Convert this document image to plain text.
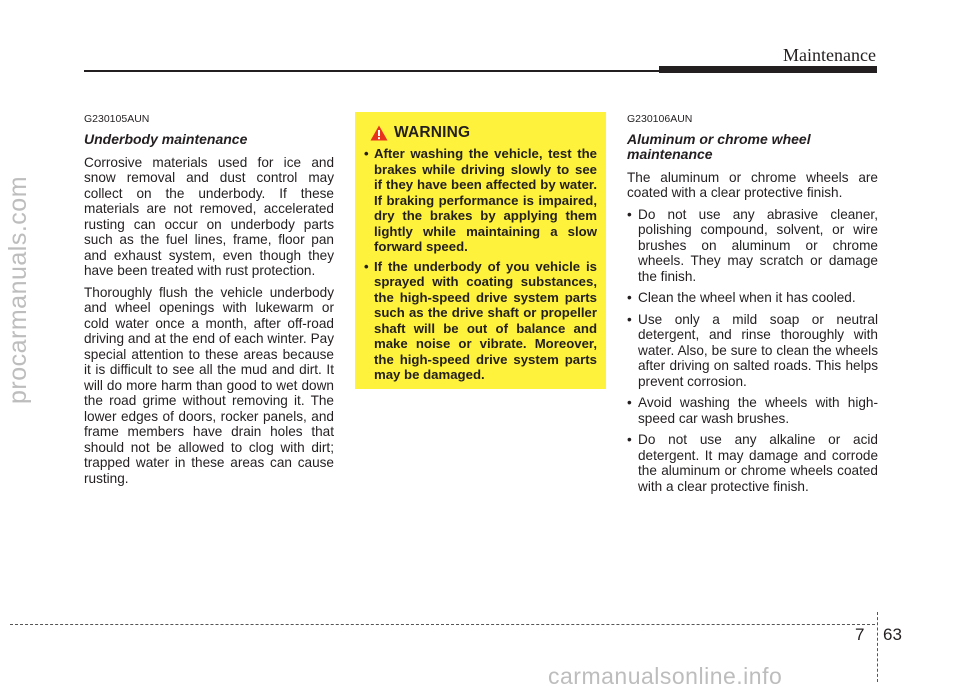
Maintenance
procarmanuals.com
G230105AUN
Underbody maintenance

Corrosive materials used for ice and snow removal and dust control may collect on the underbody. If these materials are not removed, accelerated rusting can occur on underbody parts such as the fuel lines, frame, floor pan and exhaust system, even though they have been treated with rust protection.

Thoroughly flush the vehicle underbody and wheel openings with lukewarm or cold water once a month, after off-road driving and at the end of each winter. Pay special attention to these areas because it is difficult to see all the mud and dirt. It will do more harm than good to wet down the road grime without removing it. The lower edges of doors, rocker panels, and frame members have drain holes that should not be allowed to clog with dirt; trapped water in these areas can cause rusting.

WARNING
• After washing the vehicle, test the brakes while driving slowly to see if they have been affected by water. If braking performance is impaired, dry the brakes by applying them lightly while maintaining a slow forward speed.
• If the underbody of you vehicle is sprayed with coating substances, the high-speed drive system parts such as the drive shaft or propeller shaft will be out of balance and make noise or vibrate. Moreover, the high-speed drive system parts may be damaged.
G230106AUN
Aluminum or chrome wheel maintenance

The aluminum or chrome wheels are coated with a clear protective finish.

• Do not use any abrasive cleaner, polishing compound, solvent, or wire brushes on aluminum or chrome wheels. They may scratch or damage the finish.
• Clean the wheel when it has cooled.
• Use only a mild soap or neutral detergent, and rinse thoroughly with water. Also, be sure to clean the wheels after driving on salted roads. This helps prevent corrosion.
• Avoid washing the wheels with high-speed car wash brushes.
• Do not use any alkaline or acid detergent. It may damage and corrode the aluminum or chrome wheels coated with a clear protective finish.
7 63
carmanualsonline.info
